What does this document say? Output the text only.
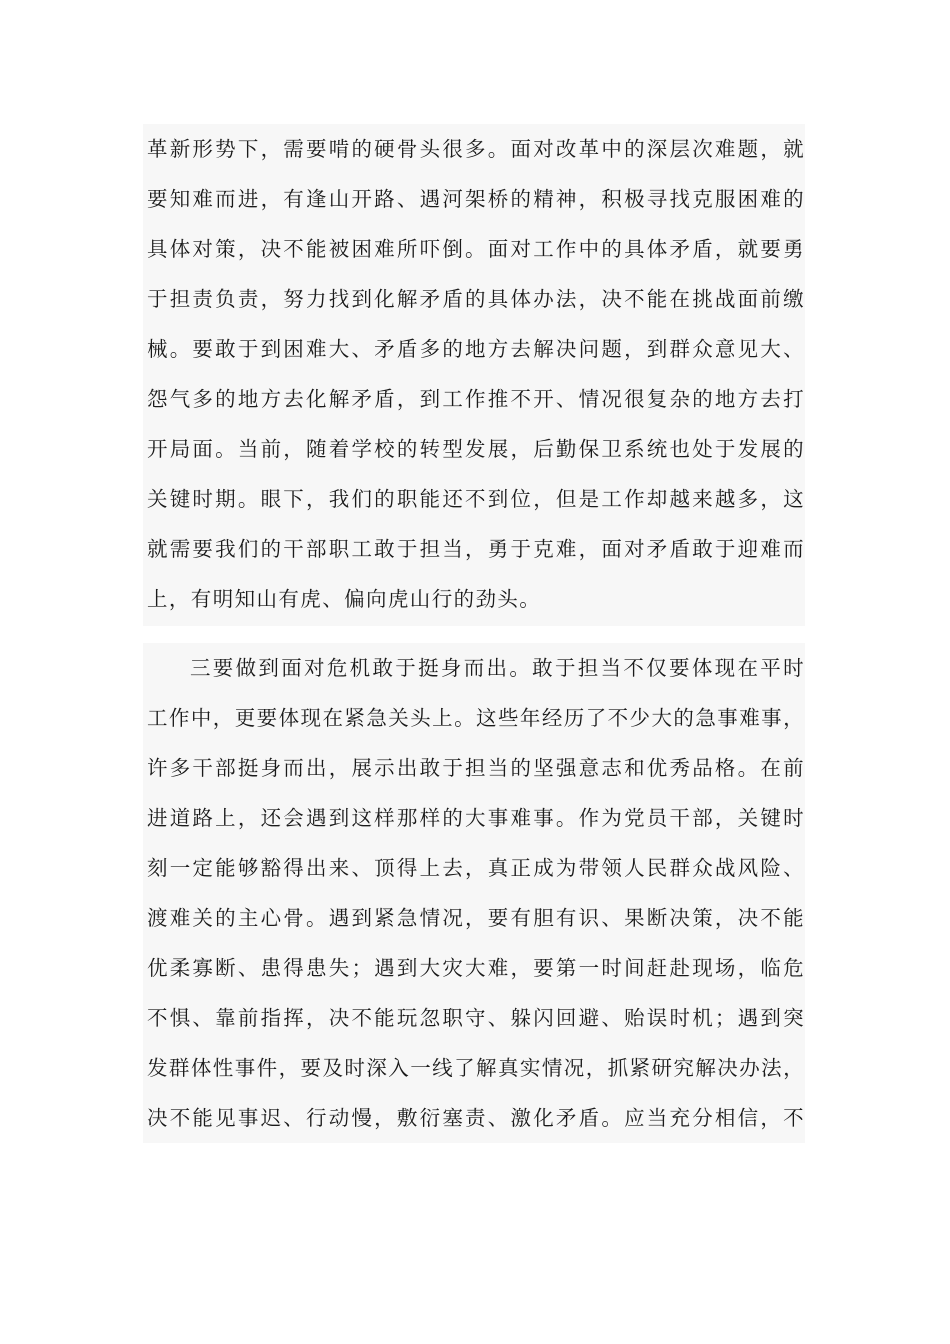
革新形势下，需要啃的硬骨头很多。面对改革中的深层次难题，就
要知难而进，有逢山开路、遇河架桥的精神，积极寻找克服困难的
具体对策，决不能被困难所吓倒。面对工作中的具体矛盾，就要勇
于担责负责，努力找到化解矛盾的具体办法，决不能在挑战面前缴
械。要敢于到困难大、矛盾多的地方去解决问题，到群众意见大、
怨气多的地方去化解矛盾，到工作推不开、情况很复杂的地方去打
开局面。当前，随着学校的转型发展，后勤保卫系统也处于发展的
关键时期。眼下，我们的职能还不到位，但是工作却越来越多，这
就需要我们的干部职工敢于担当，勇于克难，面对矛盾敢于迎难而
上，有明知山有虎、偏向虎山行的劲头。
三要做到面对危机敢于挺身而出。敢于担当不仅要体现在平时
工作中，更要体现在紧急关头上。这些年经历了不少大的急事难事，
许多干部挺身而出，展示出敢于担当的坚强意志和优秀品格。在前
进道路上，还会遇到这样那样的大事难事。作为党员干部，关键时
刻一定能够豁得出来、顶得上去，真正成为带领人民群众战风险、
渡难关的主心骨。遇到紧急情况，要有胆有识、果断决策，决不能
优柔寡断、患得患失；遇到大灾大难，要第一时间赶赴现场，临危
不惧、靠前指挥，决不能玩忽职守、躲闪回避、贻误时机；遇到突
发群体性事件，要及时深入一线了解真实情况，抓紧研究解决办法，
决不能见事迟、行动慢，敷衍塞责、激化矛盾。应当充分相信，不
